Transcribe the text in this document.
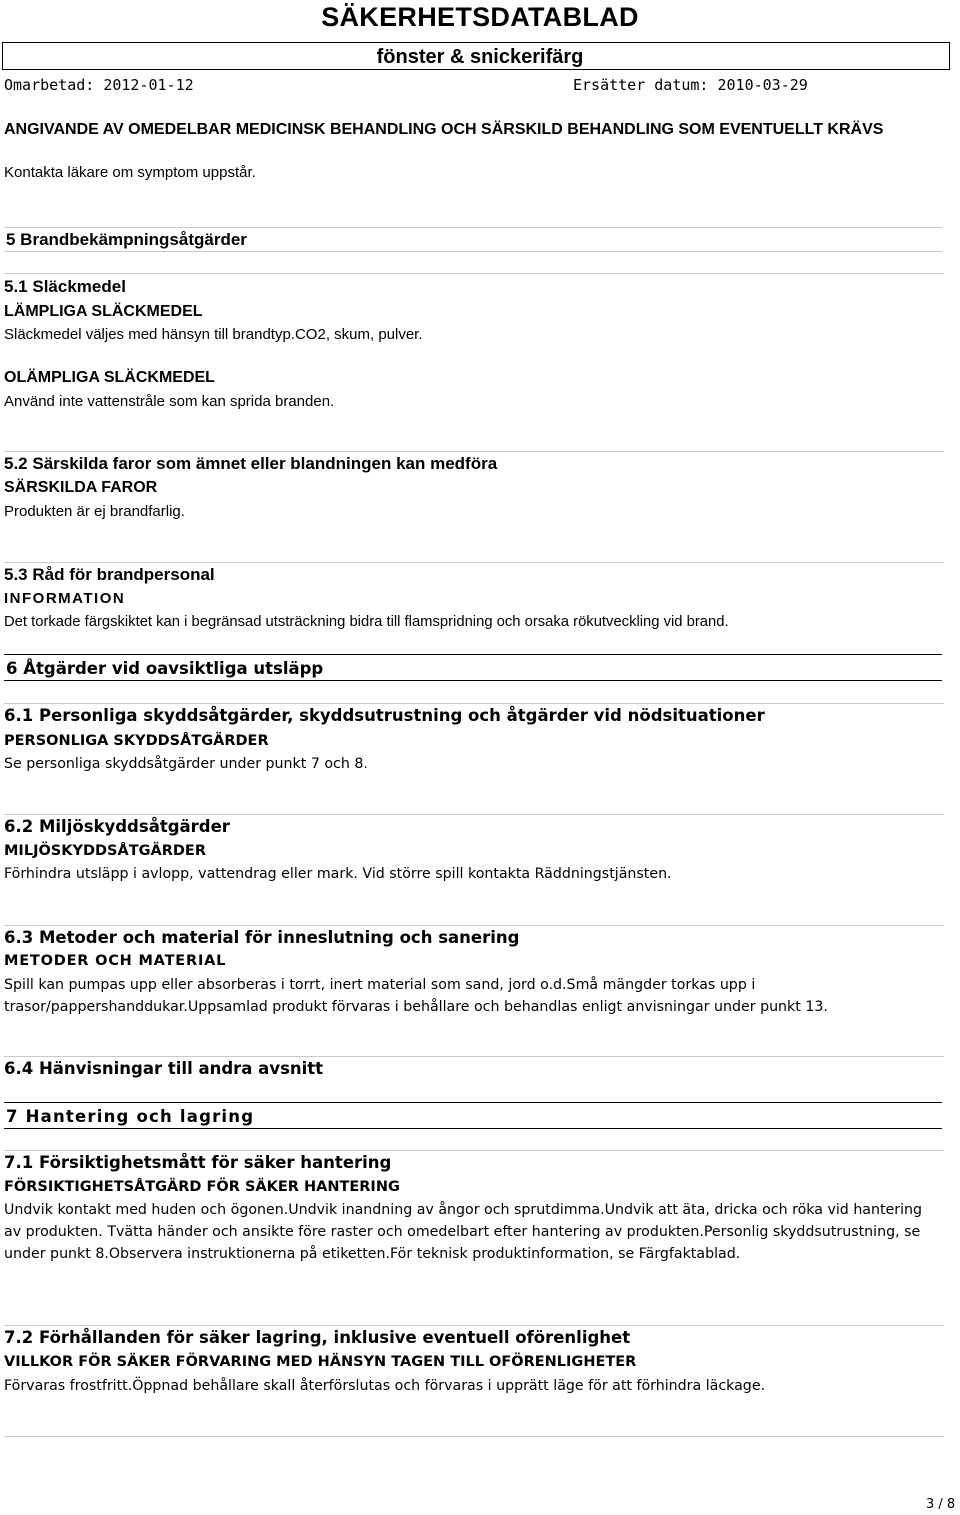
SÄKERHETSDATABLAD
fönster & snickerifärg
Omarbetad: 2012-01-12	Ersätter datum: 2010-03-29
ANGIVANDE AV OMEDELBAR MEDICINSK BEHANDLING OCH SÄRSKILD BEHANDLING SOM EVENTUELLT KRÄVS
Kontakta läkare om symptom uppstår.
5 Brandbekämpningsåtgärder
5.1 Släckmedel
LÄMPLIGA SLÄCKMEDEL
Släckmedel väljes med hänsyn till brandtyp.CO2, skum, pulver.
OLÄMPLIGA SLÄCKMEDEL
Använd inte vattenstråle som kan sprida branden.
5.2 Särskilda faror som ämnet eller blandningen kan medföra
SÄRSKILDA FAROR
Produkten är ej brandfarlig.
5.3 Råd för brandpersonal
INFORMATION
Det torkade färgskiktet kan i begränsad utsträckning bidra till flamspridning och orsaka rökutveckling vid brand.
6 Åtgärder vid oavsiktliga utsläpp
6.1 Personliga skyddsåtgärder, skyddsutrustning och åtgärder vid nödsituationer
PERSONLIGA SKYDDSÅTGÄRDER
Se personliga skyddsåtgärder under punkt 7 och 8.
6.2 Miljöskyddsåtgärder
MILJÖSKYDDSÅTGÄRDER
Förhindra utsläpp i avlopp, vattendrag eller mark. Vid större spill kontakta Räddningstjänsten.
6.3 Metoder och material för inneslutning och sanering
METODER OCH MATERIAL
Spill kan pumpas upp eller absorberas i torrt, inert material som sand, jord o.d.Små mängder torkas upp i trasor/pappershanddukar.Uppsamlad produkt förvaras i behållare och behandlas enligt anvisningar under punkt 13.
6.4 Hänvisningar till andra avsnitt
7 Hantering och lagring
7.1 Försiktighetsmått för säker hantering
FÖRSIKTIGHETSÅTGÄRD FÖR SÄKER HANTERING
Undvik kontakt med huden och ögonen.Undvik inandning av ångor och sprutdimma.Undvik att äta, dricka och röka vid hantering av produkten. Tvätta händer och ansikte före raster och omedelbart efter hantering av produkten.Personlig skyddsutrustning, se under punkt 8.Observera instruktionerna på etiketten.För teknisk produktinformation, se Färgfaktablad.
7.2 Förhållanden för säker lagring, inklusive eventuell oförenlighet
VILLKOR FÖR SÄKER FÖRVARING MED HÄNSYN TAGEN TILL OFÖRENLIGHETER
Förvaras frostfritt.Öppnad behållare skall återförslutas och förvaras i upprätt läge för att förhindra läckage.
3 / 8
